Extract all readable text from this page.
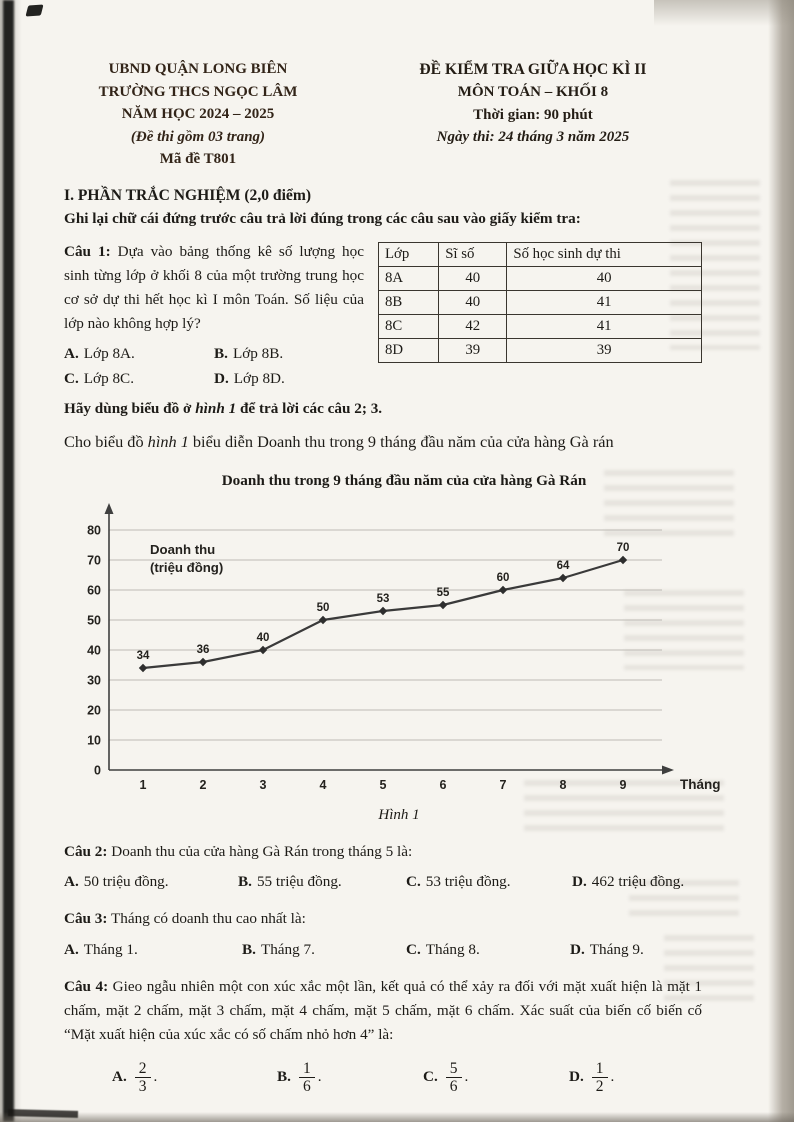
UBND QUẬN LONG BIÊN
TRƯỜNG THCS NGỌC LÂM
NĂM HỌC 2024 – 2025
(Đề thi gồm 03 trang)
Mã đề T801
ĐỀ KIỂM TRA GIỮA HỌC KÌ II
MÔN TOÁN – KHỐI 8
Thời gian: 90 phút
Ngày thi: 24 tháng 3 năm 2025
I. PHẦN TRẮC NGHIỆM (2,0 điểm)
Ghi lại chữ cái đứng trước câu trả lời đúng trong các câu sau vào giấy kiểm tra:
Lớp	Sĩ số	Số học sinh dự thi
8A	40	40
8B	40	41
8C	42	41
8D	39	39
Câu 1: Dựa vào bảng thống kê số lượng học sinh từng lớp ở khối 8 của một trường trung học cơ sở dự thi hết học kì I môn Toán. Số liệu của lớp nào không hợp lý?
A. Lớp 8A.	B. Lớp 8B.
C. Lớp 8C.	D. Lớp 8D.
Hãy dùng biểu đồ ở hình 1 để trả lời các câu 2; 3.
Cho biểu đồ hình 1 biểu diễn Doanh thu trong 9 tháng đầu năm của cửa hàng Gà rán
Doanh thu trong 9 tháng đầu năm của cửa hàng Gà Rán
0
10
20
30
40
50
60
70
80
1	2	3	4	5	6	7	8	9	Tháng
Doanh thu
(triệu đồng)
34	36
40
50
53	55
60
64
70
Hình 1
Câu 2: Doanh thu của cửa hàng Gà Rán trong tháng 5 là:
A. 50 triệu đồng.	B. 55 triệu đồng.	C. 53 triệu đồng.	D. 462 triệu đồng.
Câu 3: Tháng có doanh thu cao nhất là:
A. Tháng 1.	B. Tháng 7.	C. Tháng 8.	D. Tháng 9.
Câu 4: Gieo ngẫu nhiên một con xúc xắc một lần, kết quả có thể xảy ra đối với mặt xuất hiện là mặt 1 chấm, mặt 2 chấm, mặt 3 chấm, mặt 4 chấm, mặt 5 chấm, mặt 6 chấm. Xác suất của biến cố biến cố “Mặt xuất hiện của xúc xắc có số chấm nhỏ hơn 4” là:
A. $\frac{2}{3}$ .	B. $\frac{1}{6}$ .	C. $\frac{5}{6}$ .	D. $\frac{1}{2}$ .
